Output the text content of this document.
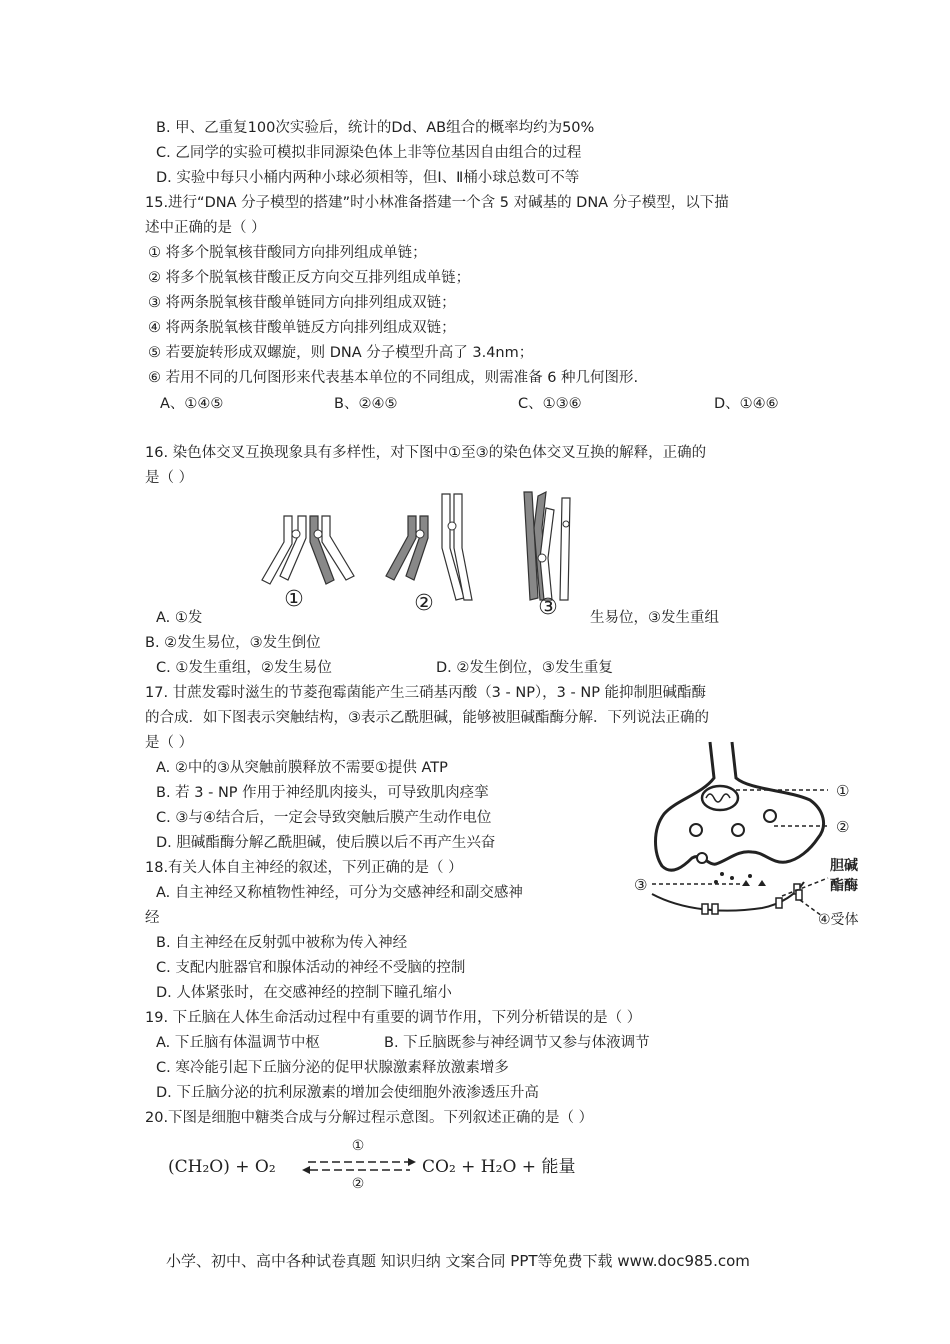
B. 甲、乙重复100次实验后，统计的Dd、AB组合的概率均约为50%
C. 乙同学的实验可模拟非同源染色体上非等位基因自由组合的过程
D. 实验中每只小桶内两种小球必须相等，但Ⅰ、Ⅱ桶小球总数可不等
15.进行“DNA 分子模型的搭建”时小林准备搭建一个含 5 对碱基的 DNA 分子模型，以下描
述中正确的是（ ）
① 将多个脱氧核苷酸同方向排列组成单链；
② 将多个脱氧核苷酸正反方向交互排列组成单链；
③ 将两条脱氧核苷酸单链同方向排列组成双链；
④ 将两条脱氧核苷酸单链反方向排列组成双链；
⑤ 若要旋转形成双螺旋，则 DNA 分子模型升高了 3.4nm；
⑥ 若用不同的几何图形来代表基本单位的不同组成，则需准备 6 种几何图形.
A、①④⑤	B、②④⑤	C、①③⑥	D、①④⑥
16. 染色体交叉互换现象具有多样性，对下图中①至③的染色体交叉互换的解释，正确的
是（ ）
①	②	③
A. ①发	生易位，③发生重组
B. ②发生易位，③发生倒位
C. ①发生重组，②发生易位	D. ②发生倒位，③发生重复
17. 甘蔗发霉时滋生的节菱孢霉菌能产生三硝基丙酸（3 - NP），3 - NP 能抑制胆碱酯酶
的合成．如下图表示突触结构，③表示乙酰胆碱，能够被胆碱酯酶分解．下列说法正确的
是（ ）
A. ②中的③从突触前膜释放不需要①提供 ATP
B. 若 3 - NP 作用于神经肌肉接头，可导致肌肉痉挛
C. ③与④结合后，一定会导致突触后膜产生动作电位
D. 胆碱酯酶分解乙酰胆碱，使后膜以后不再产生兴奋
①
②
③
胆碱
酯酶
④受体
18.有关人体自主神经的叙述，下列正确的是（ ）
A. 自主神经又称植物性神经，可分为交感神经和副交感神
经
B. 自主神经在反射弧中被称为传入神经
C. 支配内脏器官和腺体活动的神经不受脑的控制
D. 人体紧张时，在交感神经的控制下瞳孔缩小
19. 下丘脑在人体生命活动过程中有重要的调节作用，下列分析错误的是（ ）
A. 下丘脑有体温调节中枢	B. 下丘脑既参与神经调节又参与体液调节
C. 寒冷能引起下丘脑分泌的促甲状腺激素释放激素增多
D. 下丘脑分泌的抗利尿激素的增加会使细胞外液渗透压升高
20.下图是细胞中糖类合成与分解过程示意图。下列叙述正确的是（ ）
(CH₂O) + O₂
①
②
CO₂ + H₂O + 能量
小学、初中、高中各种试卷真题 知识归纳 文案合同 PPT等免费下载 www.doc985.com
